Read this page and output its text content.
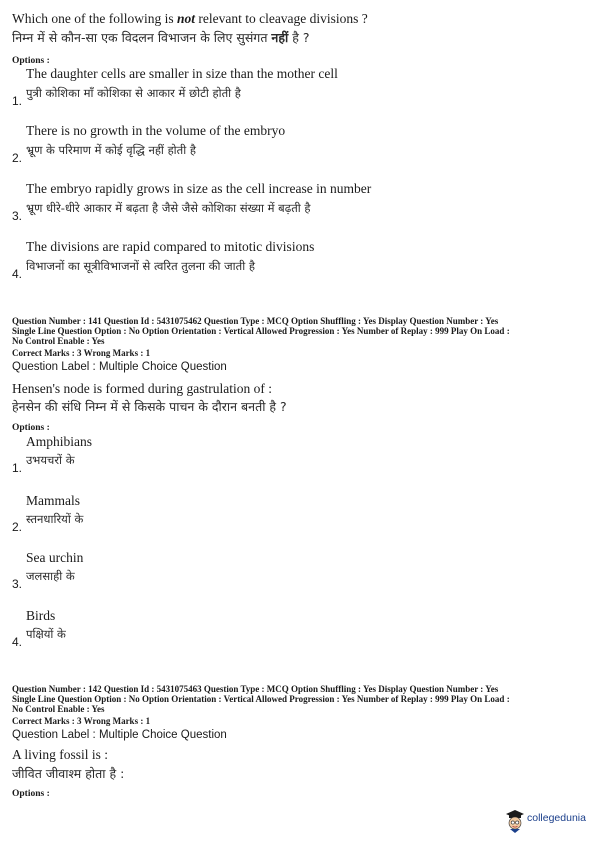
Which one of the following is not relevant to cleavage divisions ?
निम्न में से कौन-सा एक विदलन विभाजन के लिए सुसंगत नहीं है ?
Options :
The daughter cells are smaller in size than the mother cell
पुत्री कोशिका माँ कोशिका से आकार में छोटी होती है
1.
There is no growth in the volume of the embryo
भ्रूण के परिमाण में कोई वृद्धि नहीं होती है
2.
The embryo rapidly grows in size as the cell increase in number
भ्रूण धीरे-धीरे आकार में बढ़ता है जैसे जैसे कोशिका संख्या में बढ़ती है
3.
The divisions are rapid compared to mitotic divisions
विभाजनों का सूत्रीविभाजनों से त्वरित तुलना की जाती है
4.
Question Number : 141 Question Id : 5431075462 Question Type : MCQ Option Shuffling : Yes Display Question Number : Yes
Single Line Question Option : No Option Orientation : Vertical Allowed Progression : Yes Number of Replay : 999 Play On Load :
No Control Enable : Yes
Correct Marks : 3 Wrong Marks : 1
Question Label : Multiple Choice Question
Hensen's node is formed during gastrulation of :
हेनसेन की संधि निम्न में से किसके पाचन के दौरान बनती है ?
Options :
Amphibians
उभयचरों के
1.
Mammals
स्तनधारियों के
2.
Sea urchin
जलसाही के
3.
Birds
पक्षियों के
4.
Question Number : 142 Question Id : 5431075463 Question Type : MCQ Option Shuffling : Yes Display Question Number : Yes
Single Line Question Option : No Option Orientation : Vertical Allowed Progression : Yes Number of Replay : 999 Play On Load :
No Control Enable : Yes
Correct Marks : 3 Wrong Marks : 1
Question Label : Multiple Choice Question
A living fossil is :
जीवित जीवाश्म होता है :
Options :
collegedunia
